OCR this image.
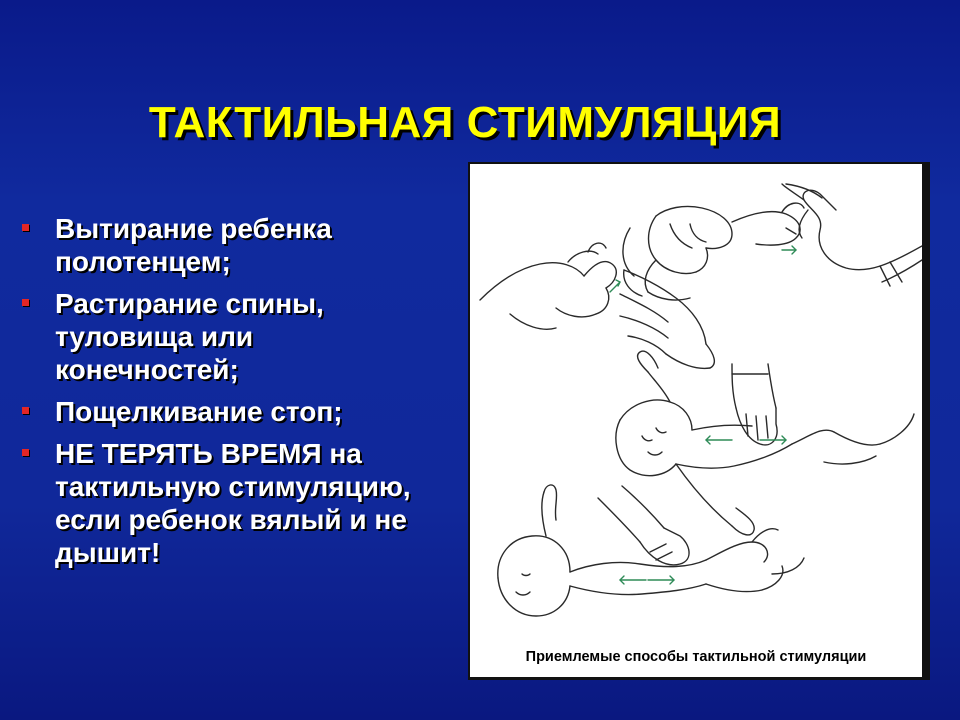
ТАКТИЛЬНАЯ СТИМУЛЯЦИЯ
Вытирание ребенка полотенцем;
Растирание спины, туловища или конечностей;
Пощелкивание стоп;
НЕ ТЕРЯТЬ ВРЕМЯ на тактильную стимуляцию, если ребенок вялый и не дышит!
Приемлемые способы тактильной стимуляции
